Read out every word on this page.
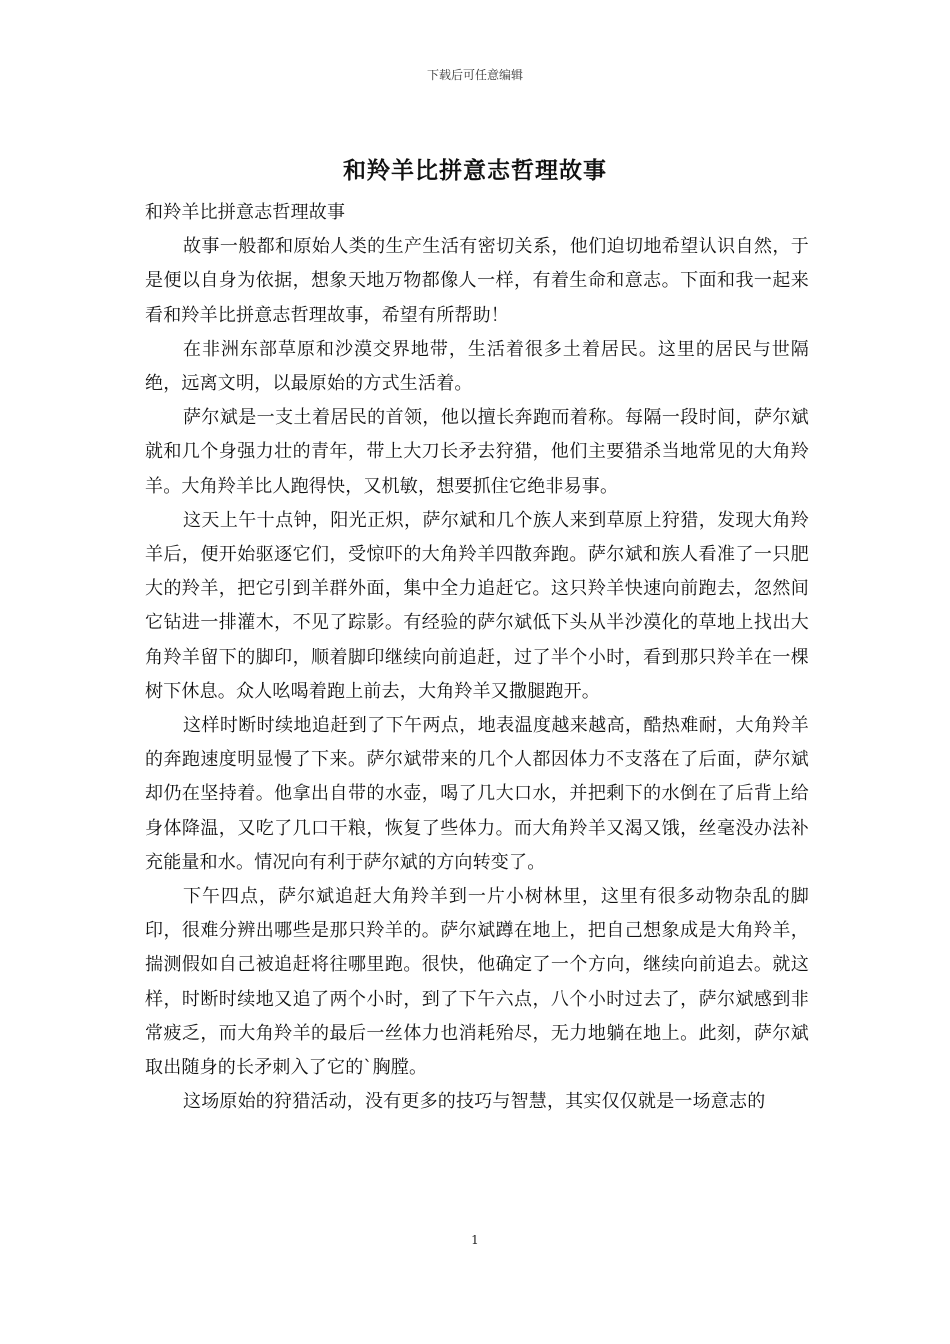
下载后可任意编辑
和羚羊比拼意志哲理故事

和羚羊比拼意志哲理故事

故事一般都和原始人类的生产生活有密切关系，他们迫切地希望认识自然，于是便以自身为依据，想象天地万物都像人一样，有着生命和意志。下面和我一起来看和羚羊比拼意志哲理故事，希望有所帮助！

在非洲东部草原和沙漠交界地带，生活着很多土着居民。这里的居民与世隔绝，远离文明，以最原始的方式生活着。

萨尔斌是一支土着居民的首领，他以擅长奔跑而着称。每隔一段时间，萨尔斌就和几个身强力壮的青年，带上大刀长矛去狩猎，他们主要猎杀当地常见的大角羚羊。大角羚羊比人跑得快，又机敏，想要抓住它绝非易事。

这天上午十点钟，阳光正炽，萨尔斌和几个族人来到草原上狩猎，发现大角羚羊后，便开始驱逐它们，受惊吓的大角羚羊四散奔跑。萨尔斌和族人看准了一只肥大的羚羊，把它引到羊群外面，集中全力追赶它。这只羚羊快速向前跑去，忽然间它钻进一排灌木，不见了踪影。有经验的萨尔斌低下头从半沙漠化的草地上找出大角羚羊留下的脚印，顺着脚印继续向前追赶，过了半个小时，看到那只羚羊在一棵树下休息。众人吆喝着跑上前去，大角羚羊又撒腿跑开。

这样时断时续地追赶到了下午两点，地表温度越来越高，酷热难耐，大角羚羊的奔跑速度明显慢了下来。萨尔斌带来的几个人都因体力不支落在了后面，萨尔斌却仍在坚持着。他拿出自带的水壶，喝了几大口水，并把剩下的水倒在了后背上给身体降温，又吃了几口干粮，恢复了些体力。而大角羚羊又渴又饿，丝毫没办法补充能量和水。情况向有利于萨尔斌的方向转变了。

下午四点，萨尔斌追赶大角羚羊到一片小树林里，这里有很多动物杂乱的脚印，很难分辨出哪些是那只羚羊的。萨尔斌蹲在地上，把自己想象成是大角羚羊，揣测假如自己被追赶将往哪里跑。很快，他确定了一个方向，继续向前追去。就这样，时断时续地又追了两个小时，到了下午六点，八个小时过去了，萨尔斌感到非常疲乏，而大角羚羊的最后一丝体力也消耗殆尽，无力地躺在地上。此刻，萨尔斌取出随身的长矛刺入了它的`胸膛。

这场原始的狩猎活动，没有更多的技巧与智慧，其实仅仅就是一场意志的

1
